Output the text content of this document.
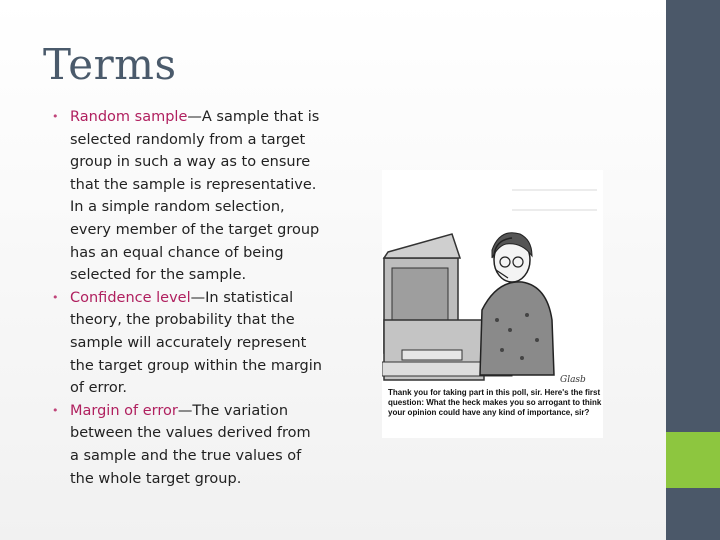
Terms
• Random sample—A sample that is selected randomly from a target group in such a way as to ensure that the sample is representative. In a simple random selection, every member of the target group has an equal chance of being selected for the sample.
• Confidence level—In statistical theory, the probability that the sample will accurately represent the target group within the margin of error.
• Margin of error—The variation between the values derived from a sample and the true values of the whole target group.
Glasb
Thank you for taking part in this poll, sir. Here's the first question: What the heck makes you so arrogant to think your opinion could have any kind of importance, sir?
